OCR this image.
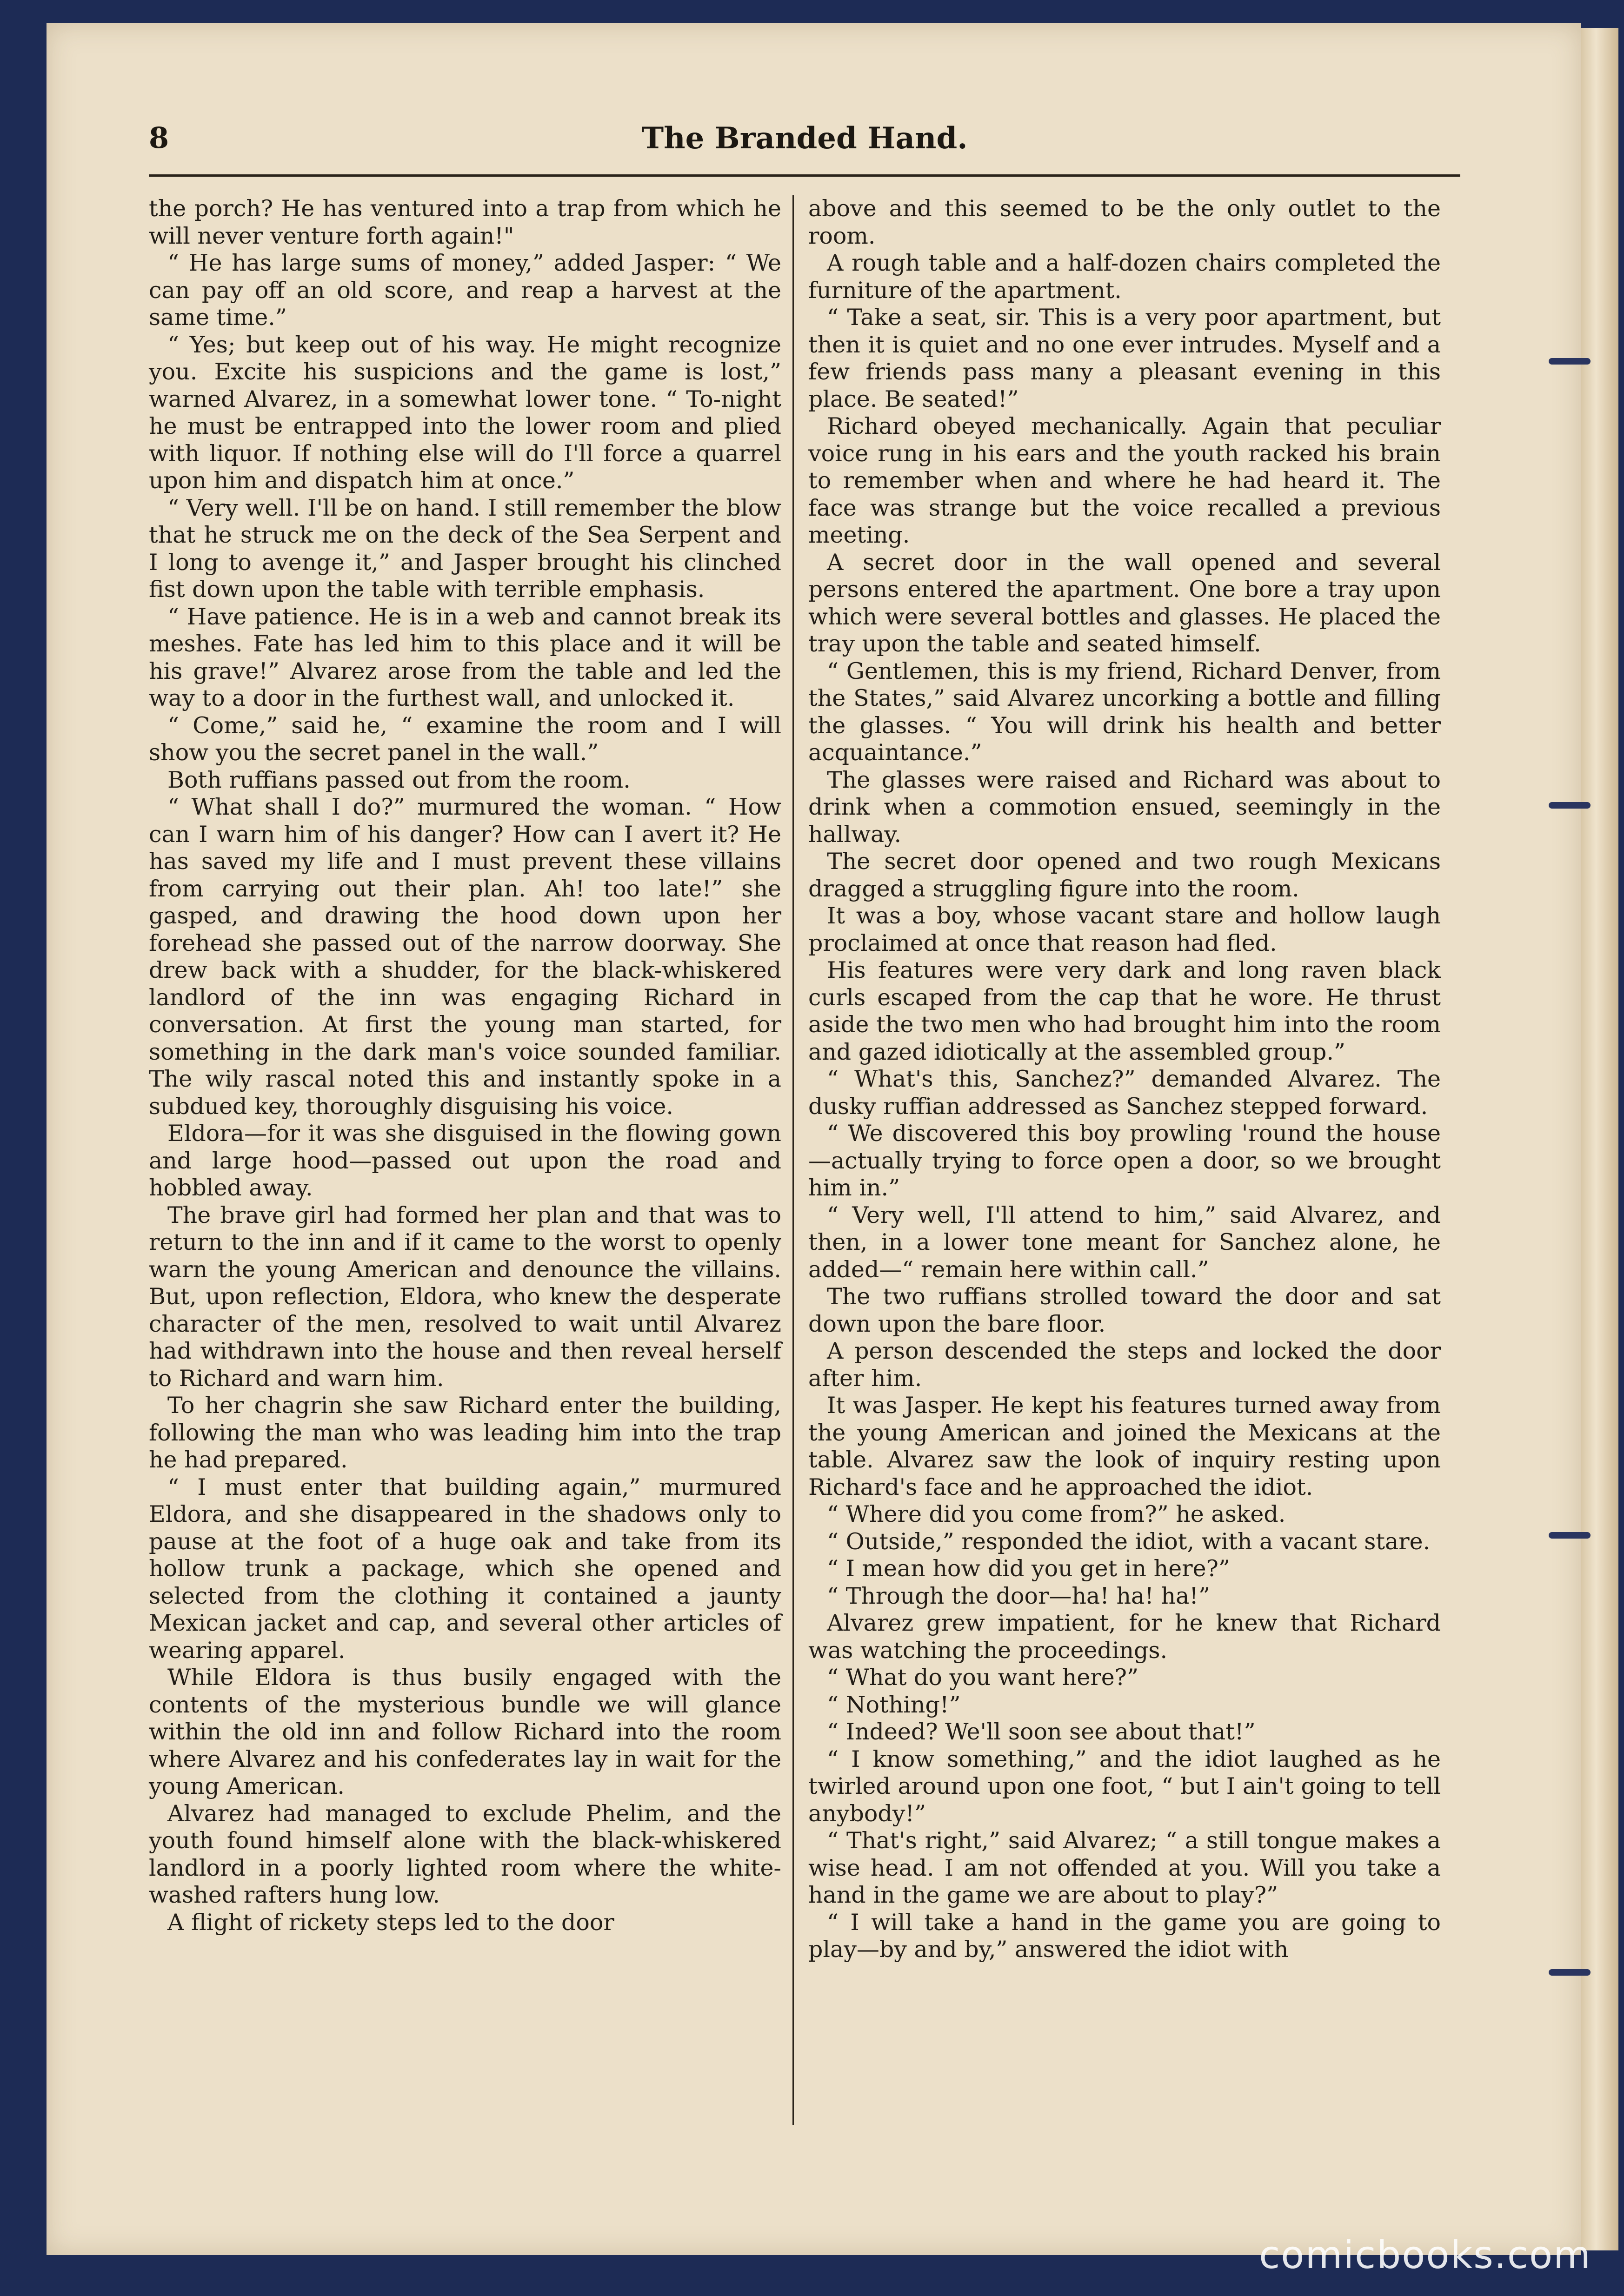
8	The Branded Hand.

the porch? He has ventured into a trap from which he will never venture forth again!"

“ He has large sums of money,” added Jasper: “ We can pay off an old score, and reap a harvest at the same time.”

“ Yes; but keep out of his way. He might recognize you. Excite his suspicions and the game is lost,” warned Alvarez, in a somewhat lower tone. “ To-night he must be entrapped into the lower room and plied with liquor. If nothing else will do I'll force a quarrel upon him and dispatch him at once.”

“ Very well. I'll be on hand. I still remember the blow that he struck me on the deck of the Sea Serpent and I long to avenge it,” and Jasper brought his clinched fist down upon the table with terrible emphasis.

“ Have patience. He is in a web and cannot break its meshes. Fate has led him to this place and it will be his grave!” Alvarez arose from the table and led the way to a door in the furthest wall, and unlocked it.

“ Come,” said he, “ examine the room and I will show you the secret panel in the wall.”

Both ruffians passed out from the room.

“ What shall I do?” murmured the woman. “ How can I warn him of his danger? How can I avert it? He has saved my life and I must prevent these villains from carrying out their plan. Ah! too late!” she gasped, and drawing the hood down upon her forehead she passed out of the narrow doorway. She drew back with a shudder, for the black-whiskered landlord of the inn was engaging Richard in conversation. At first the young man started, for something in the dark man's voice sounded familiar. The wily rascal noted this and instantly spoke in a subdued key, thoroughly disguising his voice.

Eldora—for it was she disguised in the flowing gown and large hood—passed out upon the road and hobbled away.

The brave girl had formed her plan and that was to return to the inn and if it came to the worst to openly warn the young American and denounce the villains. But, upon reflection, Eldora, who knew the desperate character of the men, resolved to wait until Alvarez had withdrawn into the house and then reveal herself to Richard and warn him.

To her chagrin she saw Richard enter the building, following the man who was leading him into the trap he had prepared.

“ I must enter that building again,” murmured Eldora, and she disappeared in the shadows only to pause at the foot of a huge oak and take from its hollow trunk a package, which she opened and selected from the clothing it contained a jaunty Mexican jacket and cap, and several other articles of wearing apparel.

While Eldora is thus busily engaged with the contents of the mysterious bundle we will glance within the old inn and follow Richard into the room where Alvarez and his confederates lay in wait for the young American.

Alvarez had managed to exclude Phelim, and the youth found himself alone with the black-whiskered landlord in a poorly lighted room where the white-washed rafters hung low.

A flight of rickety steps led to the door

above and this seemed to be the only outlet to the room.

A rough table and a half-dozen chairs completed the furniture of the apartment.

“ Take a seat, sir. This is a very poor apartment, but then it is quiet and no one ever intrudes. Myself and a few friends pass many a pleasant evening in this place. Be seated!”

Richard obeyed mechanically. Again that peculiar voice rung in his ears and the youth racked his brain to remember when and where he had heard it. The face was strange but the voice recalled a previous meeting.

A secret door in the wall opened and several persons entered the apartment. One bore a tray upon which were several bottles and glasses. He placed the tray upon the table and seated himself.

“ Gentlemen, this is my friend, Richard Denver, from the States,” said Alvarez uncorking a bottle and filling the glasses. “ You will drink his health and better acquaintance.”

The glasses were raised and Richard was about to drink when a commotion ensued, seemingly in the hallway.

The secret door opened and two rough Mexicans dragged a struggling figure into the room.

It was a boy, whose vacant stare and hollow laugh proclaimed at once that reason had fled.

His features were very dark and long raven black curls escaped from the cap that he wore. He thrust aside the two men who had brought him into the room and gazed idiotically at the assembled group.”

“ What's this, Sanchez?” demanded Alvarez. The dusky ruffian addressed as Sanchez stepped forward.

“ We discovered this boy prowling 'round the house—actually trying to force open a door, so we brought him in.”

“ Very well, I'll attend to him,” said Alvarez, and then, in a lower tone meant for Sanchez alone, he added—“ remain here within call.”

The two ruffians strolled toward the door and sat down upon the bare floor.

A person descended the steps and locked the door after him.

It was Jasper. He kept his features turned away from the young American and joined the Mexicans at the table. Alvarez saw the look of inquiry resting upon Richard's face and he approached the idiot.

“ Where did you come from?” he asked.

“ Outside,” responded the idiot, with a vacant stare.

“ I mean how did you get in here?”

“ Through the door—ha! ha! ha!”

Alvarez grew impatient, for he knew that Richard was watching the proceedings.

“ What do you want here?”

“ Nothing!”

“ Indeed? We'll soon see about that!”

“ I know something,” and the idiot laughed as he twirled around upon one foot, “ but I ain't going to tell anybody!”

“ That's right,” said Alvarez; “ a still tongue makes a wise head. I am not offended at you. Will you take a hand in the game we are about to play?”

“ I will take a hand in the game you are going to play—by and by,” answered the idiot with

comicbooks.com
